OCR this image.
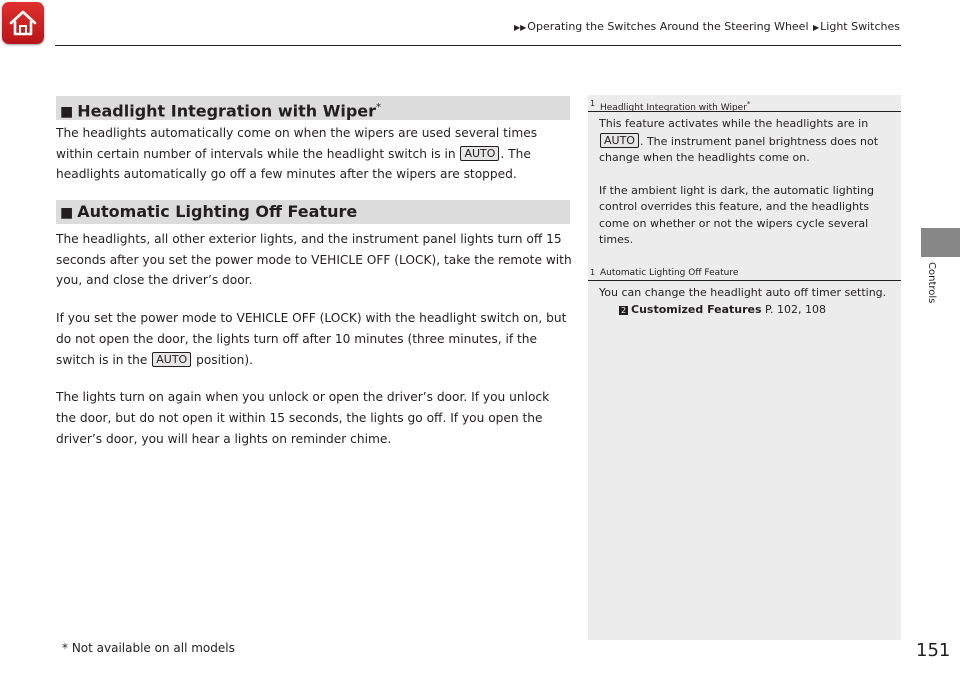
▶▶Operating the Switches Around the Steering Wheel ▶Light Switches
Controls
■ Headlight Integration with Wiper*

The headlights automatically come on when the wipers are used several times within certain number of intervals while the headlight switch is in AUTO . The headlights automatically go off a few minutes after the wipers are stopped.

■ Automatic Lighting Off Feature

The headlights, all other exterior lights, and the instrument panel lights turn off 15 seconds after you set the power mode to VEHICLE OFF (LOCK), take the remote with you, and close the driver’s door.

If you set the power mode to VEHICLE OFF (LOCK) with the headlight switch on, but do not open the door, the lights turn off after 10 minutes (three minutes, if the switch is in the AUTO position).

The lights turn on again when you unlock or open the driver’s door. If you unlock the door, but do not open it within 15 seconds, the lights go off. If you open the driver’s door, you will hear a lights on reminder chime.

1 Headlight Integration with Wiper*

This feature activates while the headlights are in
AUTO . The instrument panel brightness does not change when the headlights come on.

If the ambient light is dark, the automatic lighting control overrides this feature, and the headlights come on whether or not the wipers cycle several times.

1 Automatic Lighting Off Feature

You can change the headlight auto off timer setting.

2 Customized Features P. 102, 108

* Not available on all models	151
